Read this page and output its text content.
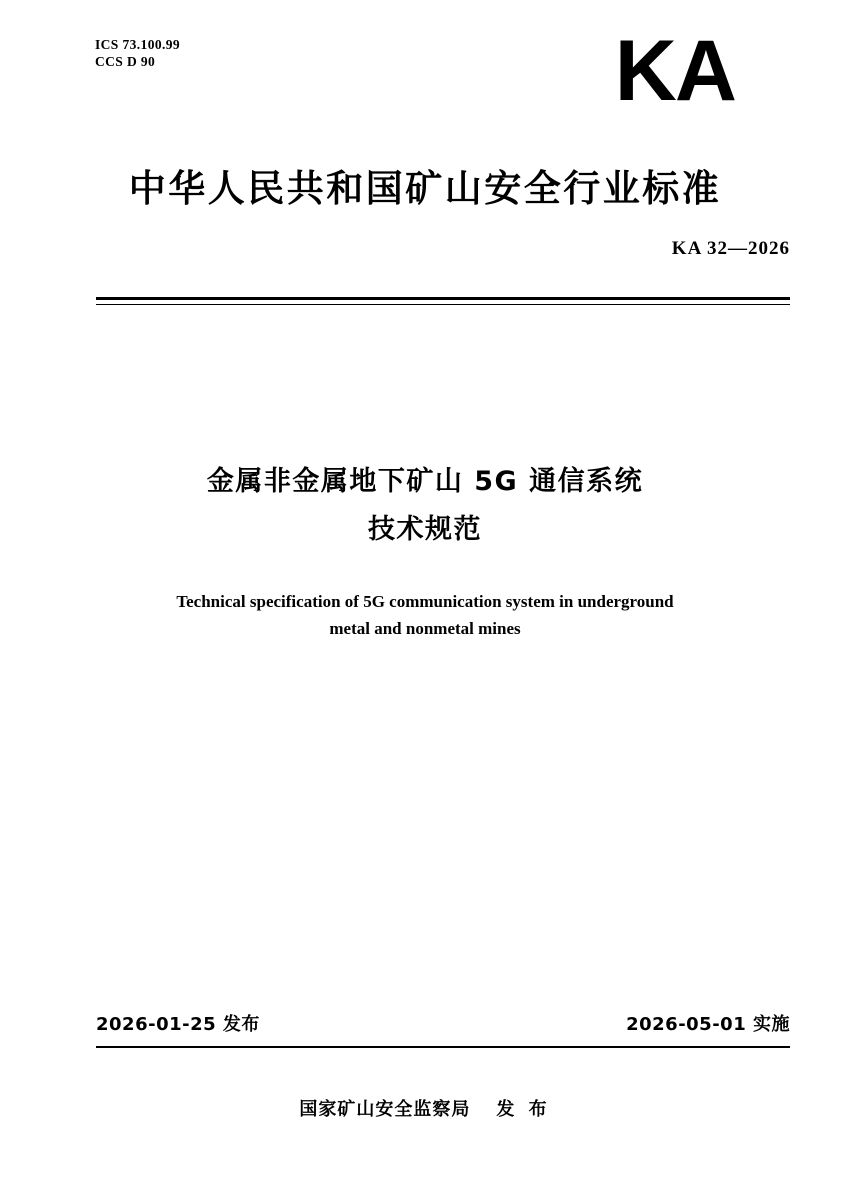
ICS 73.100.99
CCS D 90	KA
中华人民共和国矿山安全行业标准
KA 32—2026
金属非金属地下矿山 5G 通信系统
技术规范
Technical specification of 5G communication system in underground
metal and nonmetal mines
2026-01-25 发布	2026-05-01 实施
国家矿山安全监察局 发 布
